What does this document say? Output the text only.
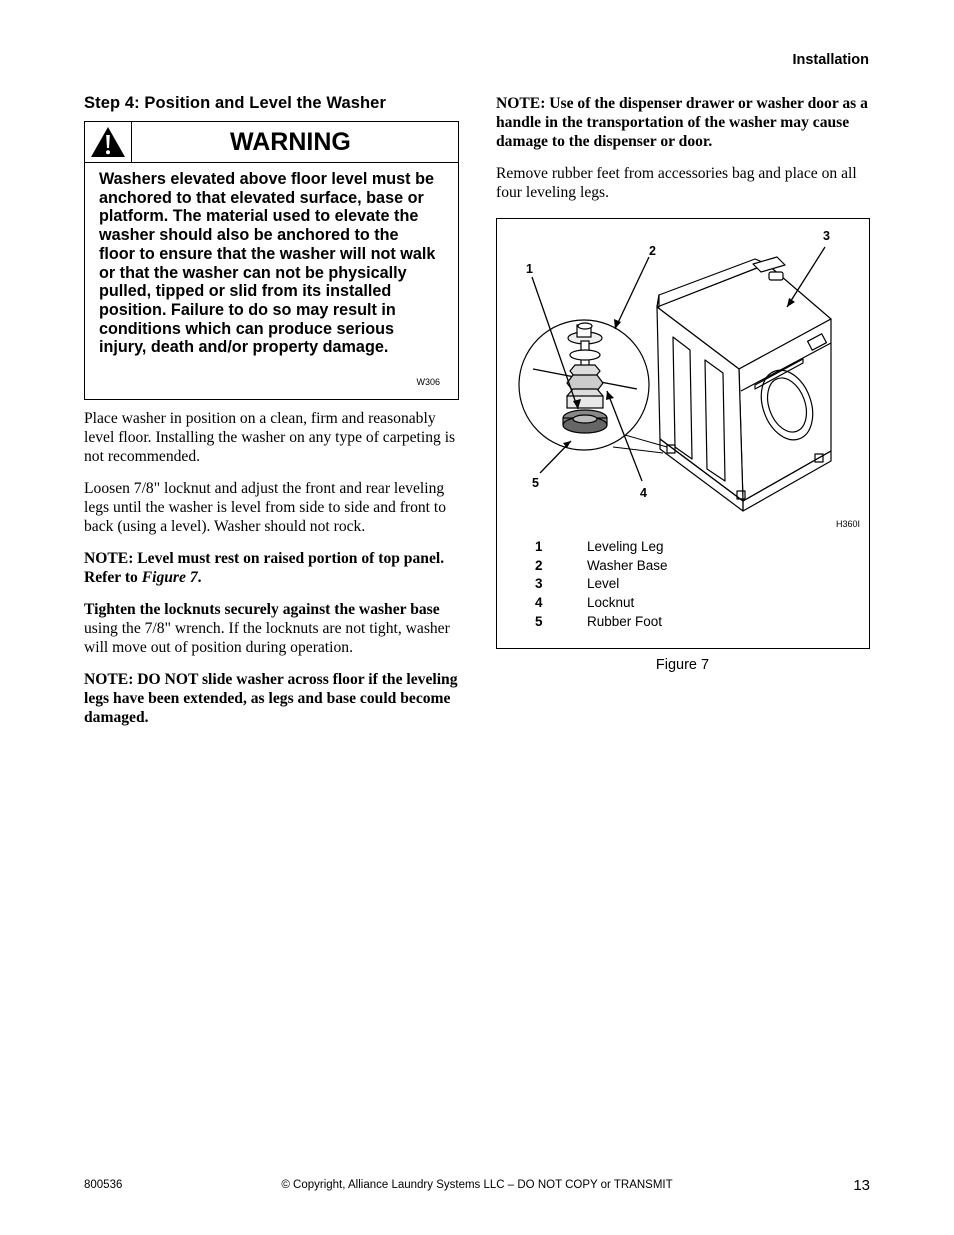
Installation
Step 4: Position and Level the Washer
WARNING
Washers elevated above floor level must be anchored to that elevated surface, base or platform. The material used to elevate the washer should also be anchored to the floor to ensure that the washer will not walk or that the washer can not be physically pulled, tipped or slid from its installed position. Failure to do so may result in conditions which can produce serious injury, death and/or property damage.
W306

Place washer in position on a clean, firm and reasonably level floor. Installing the washer on any type of carpeting is not recommended.

Loosen 7/8" locknut and adjust the front and rear leveling legs until the washer is level from side to side and front to back (using a level). Washer should not rock.

NOTE: Level must rest on raised portion of top panel. Refer to Figure 7.

Tighten the locknuts securely against the washer base using the 7/8" wrench. If the locknuts are not tight, washer will move out of position during operation.

NOTE: DO NOT slide washer across floor if the leveling legs have been extended, as legs and base could become damaged.

NOTE: Use of the dispenser drawer or washer door as a handle in the transportation of the washer may cause damage to the dispenser or door.

Remove rubber feet from accessories bag and place on all four leveling legs.

1
2
3
4
5
H360I
1	Leveling Leg
2	Washer Base
3	Level
4	Locknut
5	Rubber Foot
Figure 7
800536	© Copyright, Alliance Laundry Systems LLC – DO NOT COPY or TRANSMIT	13
